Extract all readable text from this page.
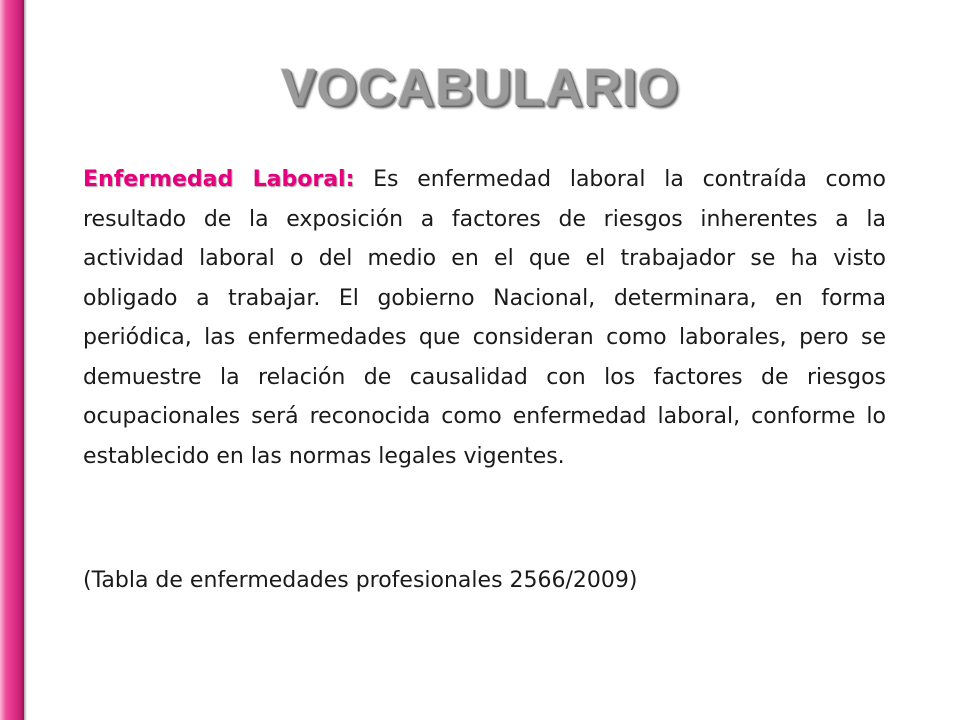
VOCABULARIO
Enfermedad Laboral: Es enfermedad laboral la contraída como resultado de la exposición a factores de riesgos inherentes a la actividad laboral o del medio en el que el trabajador se ha visto obligado a trabajar. El gobierno Nacional, determinara, en forma periódica, las enfermedades que consideran como laborales, pero se demuestre la relación de causalidad con los factores de riesgos ocupacionales será reconocida como enfermedad laboral, conforme lo establecido en las normas legales vigentes.
(Tabla de enfermedades profesionales 2566/2009)
